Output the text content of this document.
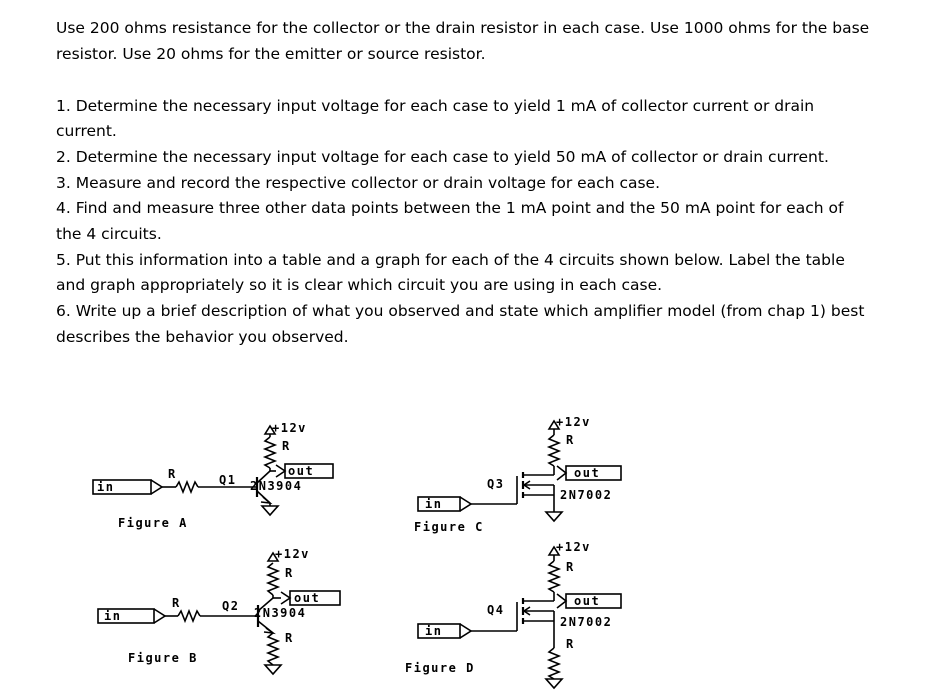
Use 200 ohms resistance for the collector or the drain resistor in each case. Use 1000 ohms for the base
resistor. Use 20 ohms for the emitter or source resistor.
1. Determine the necessary input voltage for each case to yield 1 mA of collector current or drain
current.
2. Determine the necessary input voltage for each case to yield 50 mA of collector or drain current.
3. Measure and record the respective collector or drain voltage for each case.
4. Find and measure three other data points between the 1 mA point and the 50 mA point for each of
the 4 circuits.
5. Put this information into a table and a graph for each of the 4 circuits shown below. Label the table
and graph appropriately so it is clear which circuit you are using in each case.
6. Write up a brief description of what you observed and state which amplifier model (from chap 1) best
describes the behavior you observed.
in
R	Q1
+12v
R
out
2N3904
Figure A
in
R	Q2
+12v
R
out
2N3904
R
Figure B
in
Q3
+12v
R
out
2N7002
Figure C
in
Q4
+12v
R
out
2N7002
R
Figure D
